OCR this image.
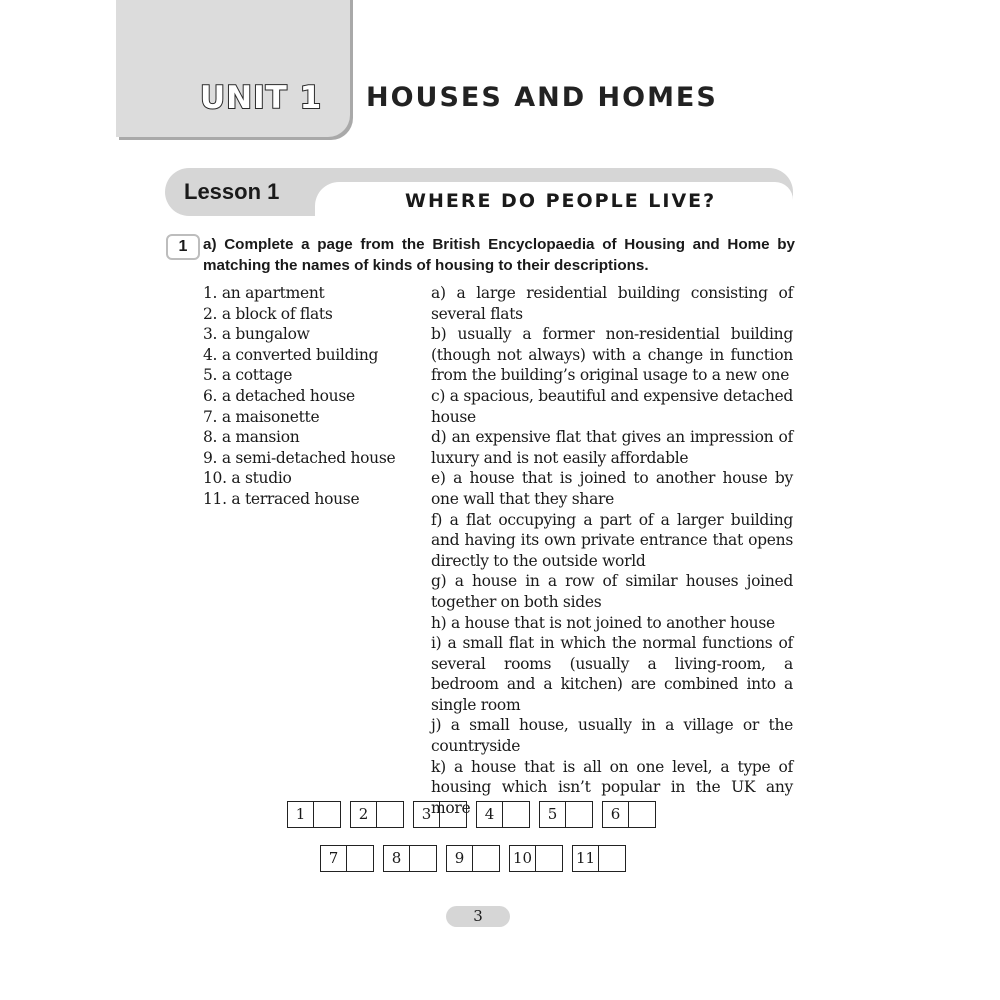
UNIT 1 HOUSES AND HOMES
Lesson 1	WHERE DO PEOPLE LIVE?
1	a) Complete a page from the British Encyclopaedia of Housing and Home by matching the names of kinds of housing to their descriptions.
1. an apartment
2. a block of flats
3. a bungalow
4. a converted building
5. a cottage
6. a detached house
7. a maisonette
8. a mansion
9. a semi-detached house
10. a studio
11. a terraced house
a) a large residential building consisting of several flats
b) usually a former non-residential building (though not always) with a change in function from the building’s original usage to a new one
c) a spacious, beautiful and expensive detached house
d) an expensive flat that gives an impression of luxury and is not easily affordable
e) a house that is joined to another house by one wall that they share
f) a flat occupying a part of a larger building and having its own private entrance that opens directly to the outside world
g) a house in a row of similar houses joined together on both sides
h) a house that is not joined to another house
i) a small flat in which the normal functions of several rooms (usually a living-room, a bedroom and a kitchen) are combined into a single room
j) a small house, usually in a village or the countryside
k) a house that is all on one level, a type of housing which isn’t popular in the UK any more
1	2	3	4	5	6
7	8	9	10	11
3
